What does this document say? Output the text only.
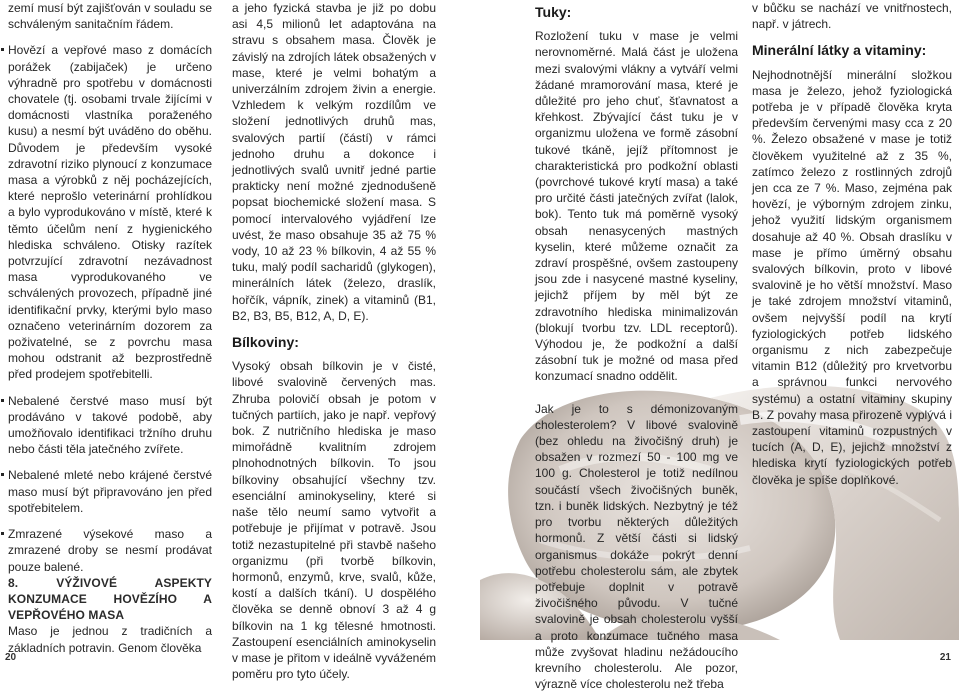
zemí musí být zajišťován v souladu se schváleným sanitačním řádem.

Hovězí a vepřové maso z domácích porážek (zabijaček) je určeno výhradně pro spotřebu v domácnosti chovatele (tj. osobami trvale žijícími v domácnosti vlastníka poraženého kusu) a nesmí být uváděno do oběhu. Důvodem je především vysoké zdravotní riziko plynoucí z konzumace masa a výrobků z něj pocházejících, které neprošlo veterinární prohlídkou a bylo vyprodukováno v místě, které k těmto účelům není z hygienického hlediska schváleno. Otisky razítek potvrzující zdravotní nezávadnost masa vyprodukovaného ve schválených provozech, případně jiné identifikační prvky, kterými bylo maso označeno veterinárním dozorem za poživatelné, se z povrchu masa mohou odstranit až bezprostředně před prodejem spotřebitelli.
Nebalené čerstvé maso musí být prodáváno v takové podobě, aby umožňovalo identifikaci tržního druhu nebo části těla jatečného zvířete.
Nebalené mleté nebo krájené čerstvé maso musí být připravováno jen před spotřebitelem.
Zmrazené výsekové maso a zmrazené droby se nesmí prodávat pouze balené.

8. VÝŽIVOVÉ ASPEKTY KONZUMACE HOVĚZÍHO A VEPŘOVÉHO MASA

Maso je jednou z tradičních a základních potravin. Genom člověka

a jeho fyzická stavba je již po dobu asi 4,5 milionů let adaptována na stravu s obsahem masa. Člověk je závislý na zdrojích látek obsažených v mase, které je velmi bohatým a univerzálním zdrojem živin a energie. Vzhledem k velkým rozdílům ve složení jednotlivých druhů mas, svalových partií (částí) v rámci jednoho druhu a dokonce i jednotlivých svalů uvnitř jedné partie prakticky není možné zjednodušeně popsat biochemické složení masa. S pomocí intervalového vyjádření lze uvést, že maso obsahuje 35 až 75 % vody, 10 až 23 % bílkovin, 4 až 55 % tuku, malý podíl sacharidů (glykogen), minerálních látek (železo, draslík, hořčík, vápník, zinek) a vitaminů (B1, B2, B3, B5, B12, A, D, E).

Bílkoviny:

Vysoký obsah bílkovin je v čisté, libové svalovině červených mas. Zhruba polovičí obsah je potom v tučných partiích, jako je např. vepřový bok. Z nutričního hlediska je maso mimořádně kvalitním zdrojem plnohodnotných bílkovin. To jsou bílkoviny obsahující všechny tzv. esenciální aminokyseliny, které si naše tělo neumí samo vytvořit a potřebuje je přijímat v potravě. Jsou totiž nezastupitelné při stavbě našeho organizmu (při tvorbě bílkovin, hormonů, enzymů, krve, svalů, kůže, kostí a dalších tkání). U dospělého člověka se denně obnoví 3 až 4 g bílkovin na 1 kg tělesné hmotnosti. Zastoupení esenciálních aminokyselin v mase je přitom v ideálně vyváženém poměru pro tyto účely.

Tuky:

Rozložení tuku v mase je velmi nerovnoměrné. Malá část je uložena mezi svalovými vlákny a vytváří velmi žádané mramorování masa, které je důležité pro jeho chuť, šťavnatost a křehkost. Zbývající část tuku je v organizmu uložena ve formě zásobní tukové tkáně, jejíž přítomnost je charakteristická pro podkožní oblasti (povrchové tukové krytí masa) a také pro určité části jatečných zvířat (lalok, bok). Tento tuk má poměrně vysoký obsah nenasycených mastných kyselin, které můžeme označit za zdraví prospěšné, ovšem zastoupeny jsou zde i nasycené mastné kyseliny, jejichž příjem by měl být ze zdravotního hlediska minimalizován (blokují tvorbu tzv. LDL receptorů). Výhodou je, že podkožní a další zásobní tuk je možné od masa před konzumací snadno oddělit.

Jak je to s démonizovaným cholesterolem? V libové svalovině (bez ohledu na živočišný druh) je obsažen v rozmezí 50 - 100 mg ve 100 g. Cholesterol je totiž nedílnou součástí všech živočišných buněk, tzn. i buněk lidských. Nezbytný je též pro tvorbu některých důležitých hormonů. Z větší části si lidský organismus dokáže pokrýt denní potřebu cholesterolu sám, ale zbytek potřebuje doplnit v potravě živočišného původu. V tučné svalovině je obsah cholesterolu vyšší a proto konzumace tučného masa může zvyšovat hladinu nežádoucího krevního cholesterolu. Ale pozor, výrazně více cholesterolu než třeba

v bůčku se nachází ve vnitřnostech, např. v játrech.

Minerální látky a vitaminy:

Nejhodnotnější minerální složkou masa je železo, jehož fyziologická potřeba je v případě člověka kryta především červenými masy cca z 20 %. Železo obsažené v mase je totiž člověkem využitelné až z 35 %, zatímco železo z rostlinných zdrojů jen cca ze 7 %. Maso, zejména pak hovězí, je výborným zdrojem zinku, jehož využití lidským organismem dosahuje až 40 %. Obsah draslíku v mase je přímo úměrný obsahu svalových bílkovin, proto v libové svalovině je ho větší množství. Maso je také zdrojem množství vitaminů, ovšem nejvyšší podíl na krytí fyziologických potřeb lidského organismu z nich zabezpečuje vitamin B12 (důležitý pro krvetvorbu a správnou funkci nervového systému) a ostatní vitaminy skupiny B. Z povahy masa přirozeně vyplývá i zastoupení vitaminů rozpustných v tucích (A, D, E), jejichž množství z hlediska krytí fyziologických potřeb člověka je spíše doplňkové.

20	21
